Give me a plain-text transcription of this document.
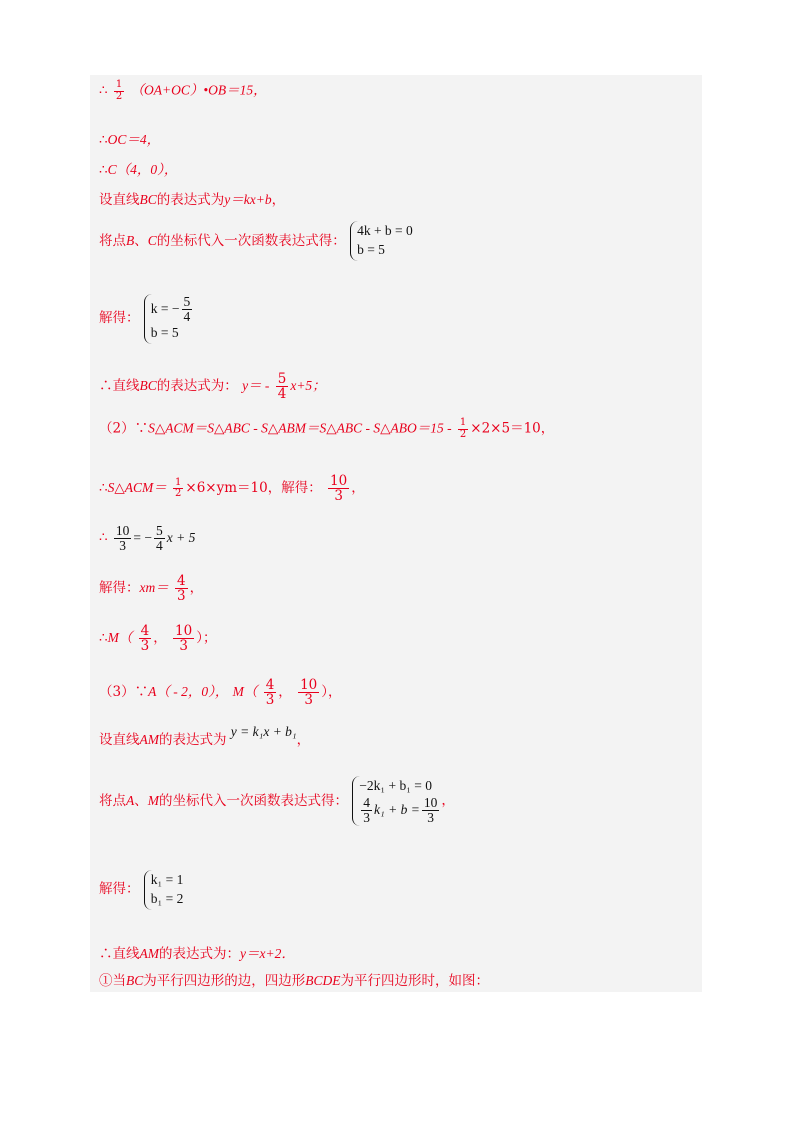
∴ $\frac{1}{2}$ （OA+OC）•OB＝15，
∴OC＝4，
∴C（4，0），
设直线BC的表达式为y＝kx+b，
将点B、C的坐标代入一次函数表达式得：
4k + b = 0
b = 5
解得：
k = − $\frac{5}{4}$
b = 5
∴直线BC的表达式为： $y= - \frac{5}{4} x+5$；
（2）∵S△ACM＝S△ABC - S△ABM＝S△ABC - S△ABO＝15 - $\frac{1}{2} \times 2\times 5=10$，
∴S△ACM＝ $\frac{1}{2} \times 6\times ym=10$，解得： $\frac{10}{3}$ ，
∴ $\frac{10}{3}$ = − $\frac{5}{4}$ x + 5
解得：$xm= \frac{4}{3}$ ，
∴M（ $\frac{4}{3}$ ， $\frac{10}{3}$ ）；
（3）∵A（ - 2，0）， $M( \frac{4}{3}$ ， $\frac{10}{3}$ ），
设直线AM的表达式为 y = k₁x + b₁，
将点A、M的坐标代入一次函数表达式得：
−2k₁ + b₁ = 0
$\frac{4}{3} k_1 + b = \frac{10}{3}$ ，
解得：
k₁ = 1
b₁ = 2
∴直线AM的表达式为：y＝x+2．
①当BC为平行四边形的边，四边形BCDE为平行四边形时，如图：
